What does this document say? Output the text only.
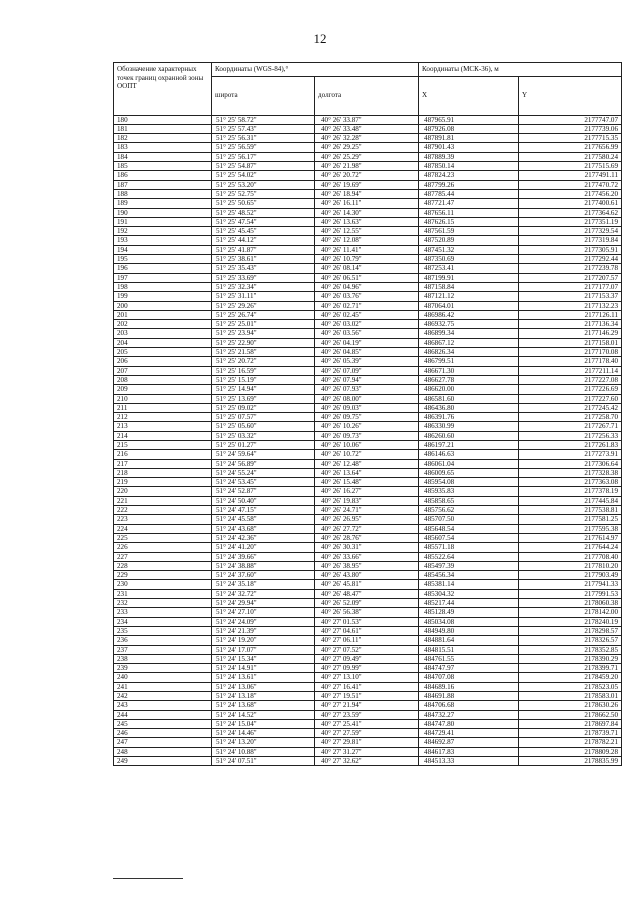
12
Обозначение характерных точек границ охранной зоны ООПТ	Координаты (WGS-84),°		Координаты (МСК-36), м	
	широта	долгота	X	Y
180	51° 25' 58.72"	40° 26' 33.87"	487965.91	2177747.07
181	51° 25' 57.43"	40° 26' 33.48"	487926.08	2177739.06
182	51° 25' 56.31"	40° 26' 32.28"	487891.81	2177715.35
183	51° 25' 56.59"	40° 26' 29.25"	487901.43	2177656.99
184	51° 25' 56.17"	40° 26' 25.29"	487889.39	2177580.24
185	51° 25' 54.87"	40° 26' 21.98"	487850.14	2177515.69
186	51° 25' 54.02"	40° 26' 20.72"	487824.23	2177491.11
187	51° 25' 53.20"	40° 26' 19.69"	487799.26	2177470.72
188	51° 25' 52.75"	40° 26' 18.94"	487785.44	2177456.20
189	51° 25' 50.65"	40° 26' 16.11"	487721.47	2177400.61
190	51° 25' 48.52"	40° 26' 14.30"	487656.11	2177364.62
191	51° 25' 47.54"	40° 26' 13.63"	487626.15	2177351.19
192	51° 25' 45.45"	40° 26' 12.55"	487561.59	2177329.54
193	51° 25' 44.12"	40° 26' 12.08"	487520.89	2177319.84
194	51° 25' 41.87"	40° 26' 11.41"	487451.32	2177305.91
195	51° 25' 38.61"	40° 26' 10.79"	487350.69	2177292.44
196	51° 25' 35.43"	40° 26' 08.14"	487253.41	2177239.78
197	51° 25' 33.69"	40° 26' 06.51"	487199.91	2177207.57
198	51° 25' 32.34"	40° 26' 04.96"	487158.84	2177177.07
199	51° 25' 31.11"	40° 26' 03.76"	487121.12	2177153.37
200	51° 25' 29.26"	40° 26' 02.71"	487064.01	2177132.23
201	51° 25' 26.74"	40° 26' 02.45"	486986.42	2177126.11
202	51° 25' 25.01"	40° 26' 03.02"	486932.75	2177136.34
203	51° 25' 23.94"	40° 26' 03.56"	486899.34	2177146.29
204	51° 25' 22.90"	40° 26' 04.19"	486867.12	2177158.01
205	51° 25' 21.58"	40° 26' 04.85"	486826.34	2177170.08
206	51° 25' 20.72"	40° 26' 05.39"	486799.51	2177178.40
207	51° 25' 16.59"	40° 26' 07.09"	486671.30	2177211.14
208	51° 25' 15.19"	40° 26' 07.94"	486627.78	2177227.08
209	51° 25' 14.94"	40° 26' 07.93"	486620.00	2177226.69
210	51° 25' 13.69"	40° 26' 08.00"	486581.60	2177227.60
211	51° 25' 09.02"	40° 26' 09.03"	486436.80	2177245.42
212	51° 25' 07.57"	40° 26' 09.75"	486391.76	2177258.70
213	51° 25' 05.60"	40° 26' 10.26"	486330.99	2177267.71
214	51° 25' 03.32"	40° 26' 09.73"	486260.60	2177256.33
215	51° 25' 01.27"	40° 26' 10.06"	486197.21	2177261.83
216	51° 24' 59.64"	40° 26' 10.72"	486146.63	2177273.91
217	51° 24' 56.89"	40° 26' 12.48"	486061.04	2177306.64
218	51° 24' 55.24"	40° 26' 13.64"	486009.65	2177328.38
219	51° 24' 53.45"	40° 26' 15.48"	485954.08	2177363.08
220	51° 24' 52.87"	40° 26' 16.27"	485935.83	2177378.19
221	51° 24' 50.40"	40° 26' 19.83"	485858.65	2177445.84
222	51° 24' 47.15"	40° 26' 24.71"	485756.62	2177538.81
223	51° 24' 45.58"	40° 26' 26.95"	485707.50	2177581.25
224	51° 24' 43.68"	40° 26' 27.72"	485648.54	2177595.38
225	51° 24' 42.36"	40° 26' 28.76"	485607.54	2177614.97
226	51° 24' 41.20"	40° 26' 30.31"	485571.18	2177644.24
227	51° 24' 39.66"	40° 26' 33.66"	485522.64	2177708.40
228	51° 24' 38.88"	40° 26' 38.95"	485497.39	2177810.20
229	51° 24' 37.60"	40° 26' 43.80"	485456.34	2177903.49
230	51° 24' 35.18"	40° 26' 45.81"	485381.14	2177941.33
231	51° 24' 32.72"	40° 26' 48.47"	485304.32	2177991.53
232	51° 24' 29.94"	40° 26' 52.09"	485217.44	2178060.38
233	51° 24' 27.10"	40° 26' 56.38"	485128.49	2178142.00
234	51° 24' 24.09"	40° 27' 01.53"	485034.08	2178240.19
235	51° 24' 21.39"	40° 27' 04.61"	484949.80	2178298.57
236	51° 24' 19.20"	40° 27' 06.11"	484881.64	2178326.57
237	51° 24' 17.07"	40° 27' 07.52"	484815.51	2178352.85
238	51° 24' 15.34"	40° 27' 09.49"	484761.55	2178390.29
239	51° 24' 14.91"	40° 27' 09.99"	484747.97	2178399.71
240	51° 24' 13.61"	40° 27' 13.10"	484707.08	2178459.20
241	51° 24' 13.06"	40° 27' 16.41"	484689.16	2178523.05
242	51° 24' 13.18"	40° 27' 19.51"	484691.88	2178583.01
243	51° 24' 13.68"	40° 27' 21.94"	484706.68	2178630.26
244	51° 24' 14.52"	40° 27' 23.59"	484732.27	2178662.50
245	51° 24' 15.04"	40° 27' 25.41"	484747.80	2178697.84
246	51° 24' 14.46"	40° 27' 27.59"	484729.41	2178739.71
247	51° 24' 13.20"	40° 27' 29.81"	484692.87	2178782.21
248	51° 24' 10.88"	40° 27' 31.27"	484617.83	2178809.28
249	51° 24' 07.51"	40° 27' 32.62"	484513.33	2178835.99
